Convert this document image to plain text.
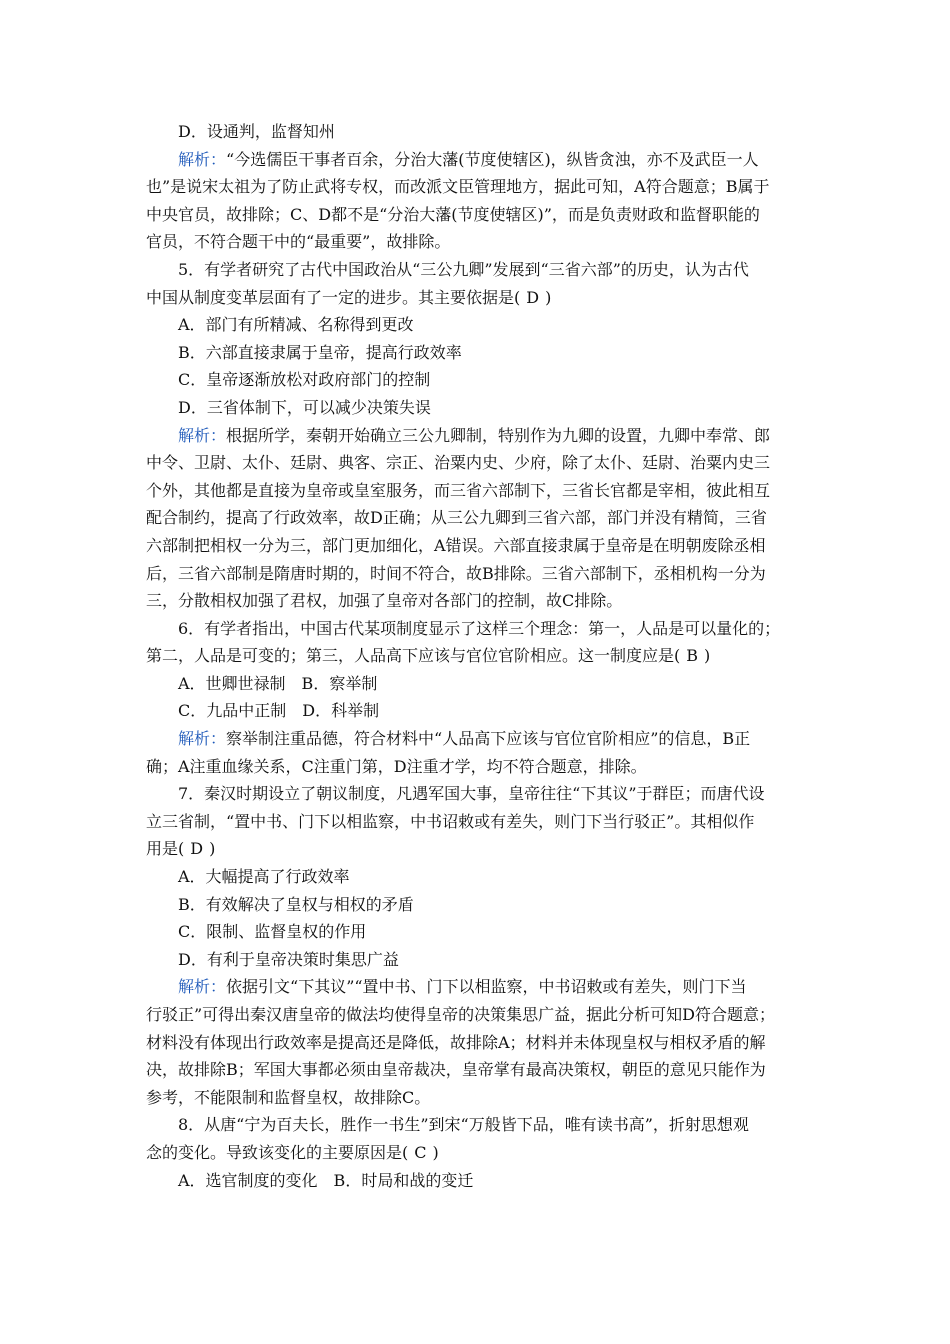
D．设通判，监督知州
解析：“今选儒臣干事者百余，分治大藩(节度使辖区)，纵皆贪浊，亦不及武臣一人
也”是说宋太祖为了防止武将专权，而改派文臣管理地方，据此可知，A符合题意；B属于
中央官员，故排除；C、D都不是“分治大藩(节度使辖区)”，而是负责财政和监督职能的
官员，不符合题干中的“最重要”，故排除。
5．有学者研究了古代中国政治从“三公九卿”发展到“三省六部”的历史，认为古代
中国从制度变革层面有了一定的进步。其主要依据是( D )
A．部门有所精减、名称得到更改
B．六部直接隶属于皇帝，提高行政效率
C．皇帝逐渐放松对政府部门的控制
D．三省体制下，可以减少决策失误
解析：根据所学，秦朝开始确立三公九卿制，特别作为九卿的设置，九卿中奉常、郎
中令、卫尉、太仆、廷尉、典客、宗正、治粟内史、少府，除了太仆、廷尉、治粟内史三
个外，其他都是直接为皇帝或皇室服务，而三省六部制下，三省长官都是宰相，彼此相互
配合制约，提高了行政效率，故D正确；从三公九卿到三省六部，部门并没有精简，三省
六部制把相权一分为三，部门更加细化，A错误。六部直接隶属于皇帝是在明朝废除丞相
后，三省六部制是隋唐时期的，时间不符合，故B排除。三省六部制下，丞相机构一分为
三，分散相权加强了君权，加强了皇帝对各部门的控制，故C排除。
6．有学者指出，中国古代某项制度显示了这样三个理念：第一，人品是可以量化的；
第二，人品是可变的；第三，人品高下应该与官位官阶相应。这一制度应是( B )
A．世卿世禄制　B．察举制
C．九品中正制　D．科举制
解析：察举制注重品德，符合材料中“人品高下应该与官位官阶相应”的信息，B正
确；A注重血缘关系，C注重门第，D注重才学，均不符合题意，排除。
7．秦汉时期设立了朝议制度，凡遇军国大事，皇帝往往“下其议”于群臣；而唐代设
立三省制，“置中书、门下以相监察，中书诏敕或有差失，则门下当行驳正”。其相似作
用是( D )
A．大幅提高了行政效率
B．有效解决了皇权与相权的矛盾
C．限制、监督皇权的作用
D．有利于皇帝决策时集思广益
解析：依据引文“下其议”“置中书、门下以相监察，中书诏敕或有差失，则门下当
行驳正”可得出秦汉唐皇帝的做法均使得皇帝的决策集思广益，据此分析可知D符合题意；
材料没有体现出行政效率是提高还是降低，故排除A；材料并未体现皇权与相权矛盾的解
决，故排除B；军国大事都必须由皇帝裁决，皇帝掌有最高决策权，朝臣的意见只能作为
参考，不能限制和监督皇权，故排除C。
8．从唐“宁为百夫长，胜作一书生”到宋“万般皆下品，唯有读书高”，折射思想观
念的变化。导致该变化的主要原因是( C )
A．选官制度的变化　B．时局和战的变迁
